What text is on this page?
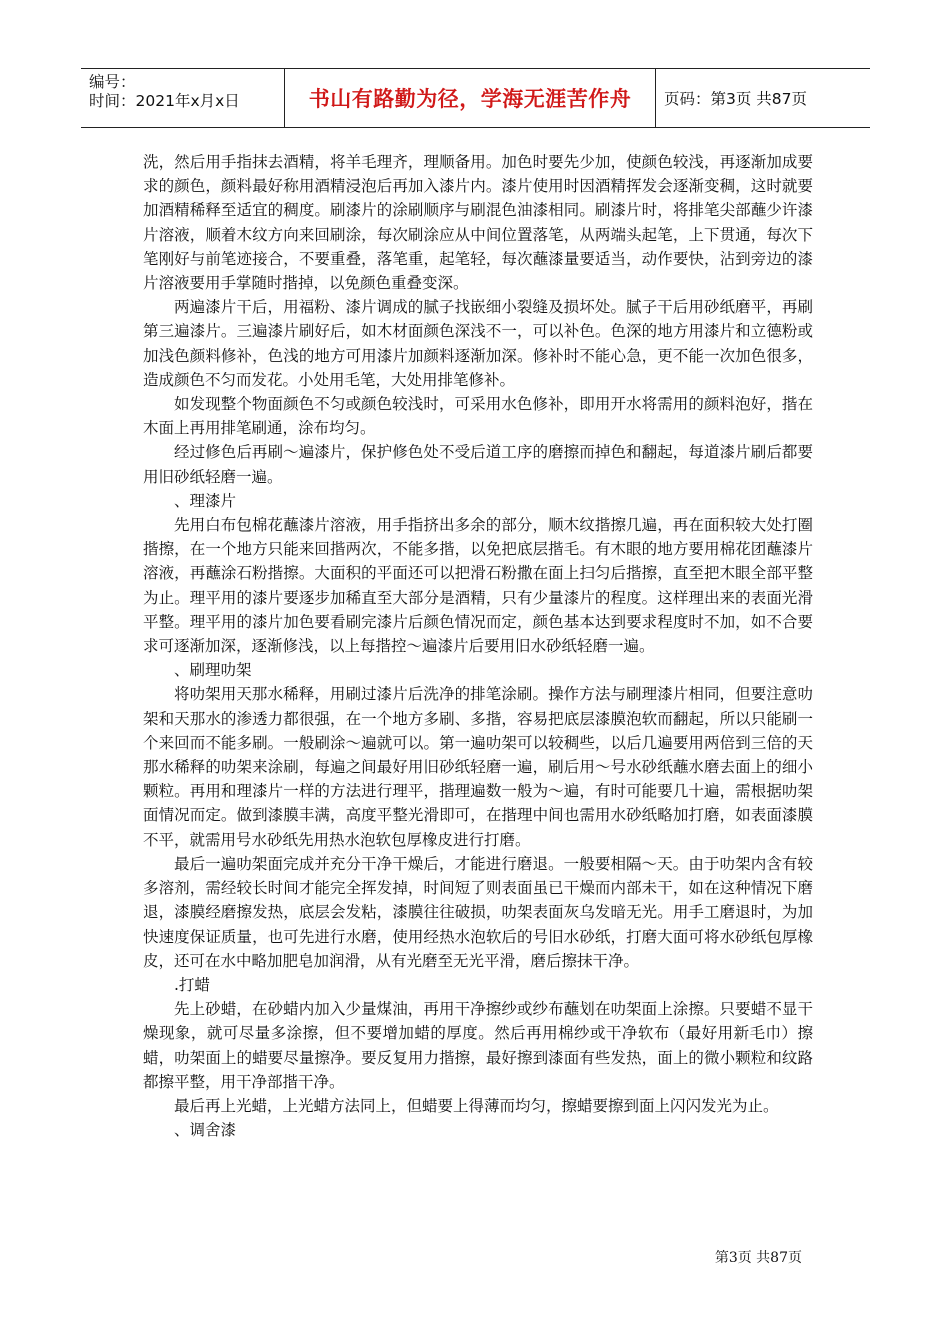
编号：
时间：2021年x月x日	书山有路勤为径，学海无涯苦作舟	页码：第3页 共87页

洗，然后用手指抹去酒精，将羊毛理齐，理顺备用。加色时要先少加，使颜色较浅，再逐渐加成要求的颜色，颜料最好称用酒精浸泡后再加入漆片内。漆片使用时因酒精挥发会逐渐变稠，这时就要加酒精稀释至适宜的稠度。刷漆片的涂刷顺序与刷混色油漆相同。刷漆片时，将排笔尖部蘸少许漆片溶液，顺着木纹方向来回刷涂，每次刷涂应从中间位置落笔，从两端头起笔，上下贯通，每次下笔刚好与前笔迹接合，不要重叠，落笔重，起笔轻，每次蘸漆量要适当，动作要快，沾到旁边的漆片溶液要用手掌随时揩掉，以免颜色重叠变深。

两遍漆片干后，用福粉、漆片调成的腻子找嵌细小裂缝及损坏处。腻子干后用砂纸磨平，再刷第三遍漆片。三遍漆片刷好后，如木材面颜色深浅不一，可以补色。色深的地方用漆片和立德粉或加浅色颜料修补，色浅的地方可用漆片加颜料逐渐加深。修补时不能心急，更不能一次加色很多，造成颜色不匀而发花。小处用毛笔，大处用排笔修补。

如发现整个物面颜色不匀或颜色较浅时，可采用水色修补，即用开水将需用的颜料泡好，揩在木面上再用排笔刷通，涂布均匀。

经过修色后再刷～遍漆片，保护修色处不受后道工序的磨擦而掉色和翻起，每道漆片刷后都要用旧砂纸轻磨一遍。

、理漆片

先用白布包棉花蘸漆片溶液，用手指挤出多余的部分，顺木纹揩擦几遍，再在面积较大处打圈揩擦，在一个地方只能来回揩两次，不能多揩，以免把底层揩毛。有木眼的地方要用棉花团蘸漆片溶液，再蘸涂石粉揩擦。大面积的平面还可以把滑石粉撒在面上扫匀后揩擦，直至把木眼全部平整为止。理平用的漆片要逐步加稀直至大部分是酒精，只有少量漆片的程度。这样理出来的表面光滑平整。理平用的漆片加色要看刷完漆片后颜色情况而定，颜色基本达到要求程度时不加，如不合要求可逐渐加深，逐渐修浅，以上每揩控～遍漆片后要用旧水砂纸轻磨一遍。

、刷理叻架

将叻架用天那水稀释，用刷过漆片后洗净的排笔涂刷。操作方法与刷理漆片相同，但要注意叻架和天那水的渗透力都很强，在一个地方多刷、多揩，容易把底层漆膜泡软而翻起，所以只能刷一个来回而不能多刷。一般刷涂～遍就可以。第一遍叻架可以较稠些，以后几遍要用两倍到三倍的天那水稀释的叻架来涂刷，每遍之间最好用旧砂纸轻磨一遍，刷后用～号水砂纸蘸水磨去面上的细小颗粒。再用和理漆片一样的方法进行理平，揩理遍数一般为～遍，有时可能要几十遍，需根据叻架面情况而定。做到漆膜丰满，高度平整光滑即可，在揩理中间也需用水砂纸略加打磨，如表面漆膜不平，就需用号水砂纸先用热水泡软包厚橡皮进行打磨。

最后一遍叻架面完成并充分干净干燥后，才能进行磨退。一般要相隔～天。由于叻架内含有较多溶剂，需经较长时间才能完全挥发掉，时间短了则表面虽已干燥而内部未干，如在这种情况下磨退，漆膜经磨擦发热，底层会发粘，漆膜往往破损，叻架表面灰乌发暗无光。用手工磨退时，为加快速度保证质量，也可先进行水磨，使用经热水泡软后的号旧水砂纸，打磨大面可将水砂纸包厚橡皮，还可在水中略加肥皂加润滑，从有光磨至无光平滑，磨后擦抹干净。

.打蜡

先上砂蜡，在砂蜡内加入少量煤油，再用干净擦纱或纱布蘸划在叻架面上涂擦。只要蜡不显干燥现象，就可尽量多涂擦，但不要增加蜡的厚度。然后再用棉纱或干净软布（最好用新毛巾）擦蜡，叻架面上的蜡要尽量擦净。要反复用力揩擦，最好擦到漆面有些发热，面上的微小颗粒和纹路都擦平整，用干净部揩干净。

最后再上光蜡，上光蜡方法同上，但蜡要上得薄而均匀，擦蜡要擦到面上闪闪发光为止。

、调舍漆

第3页 共87页
